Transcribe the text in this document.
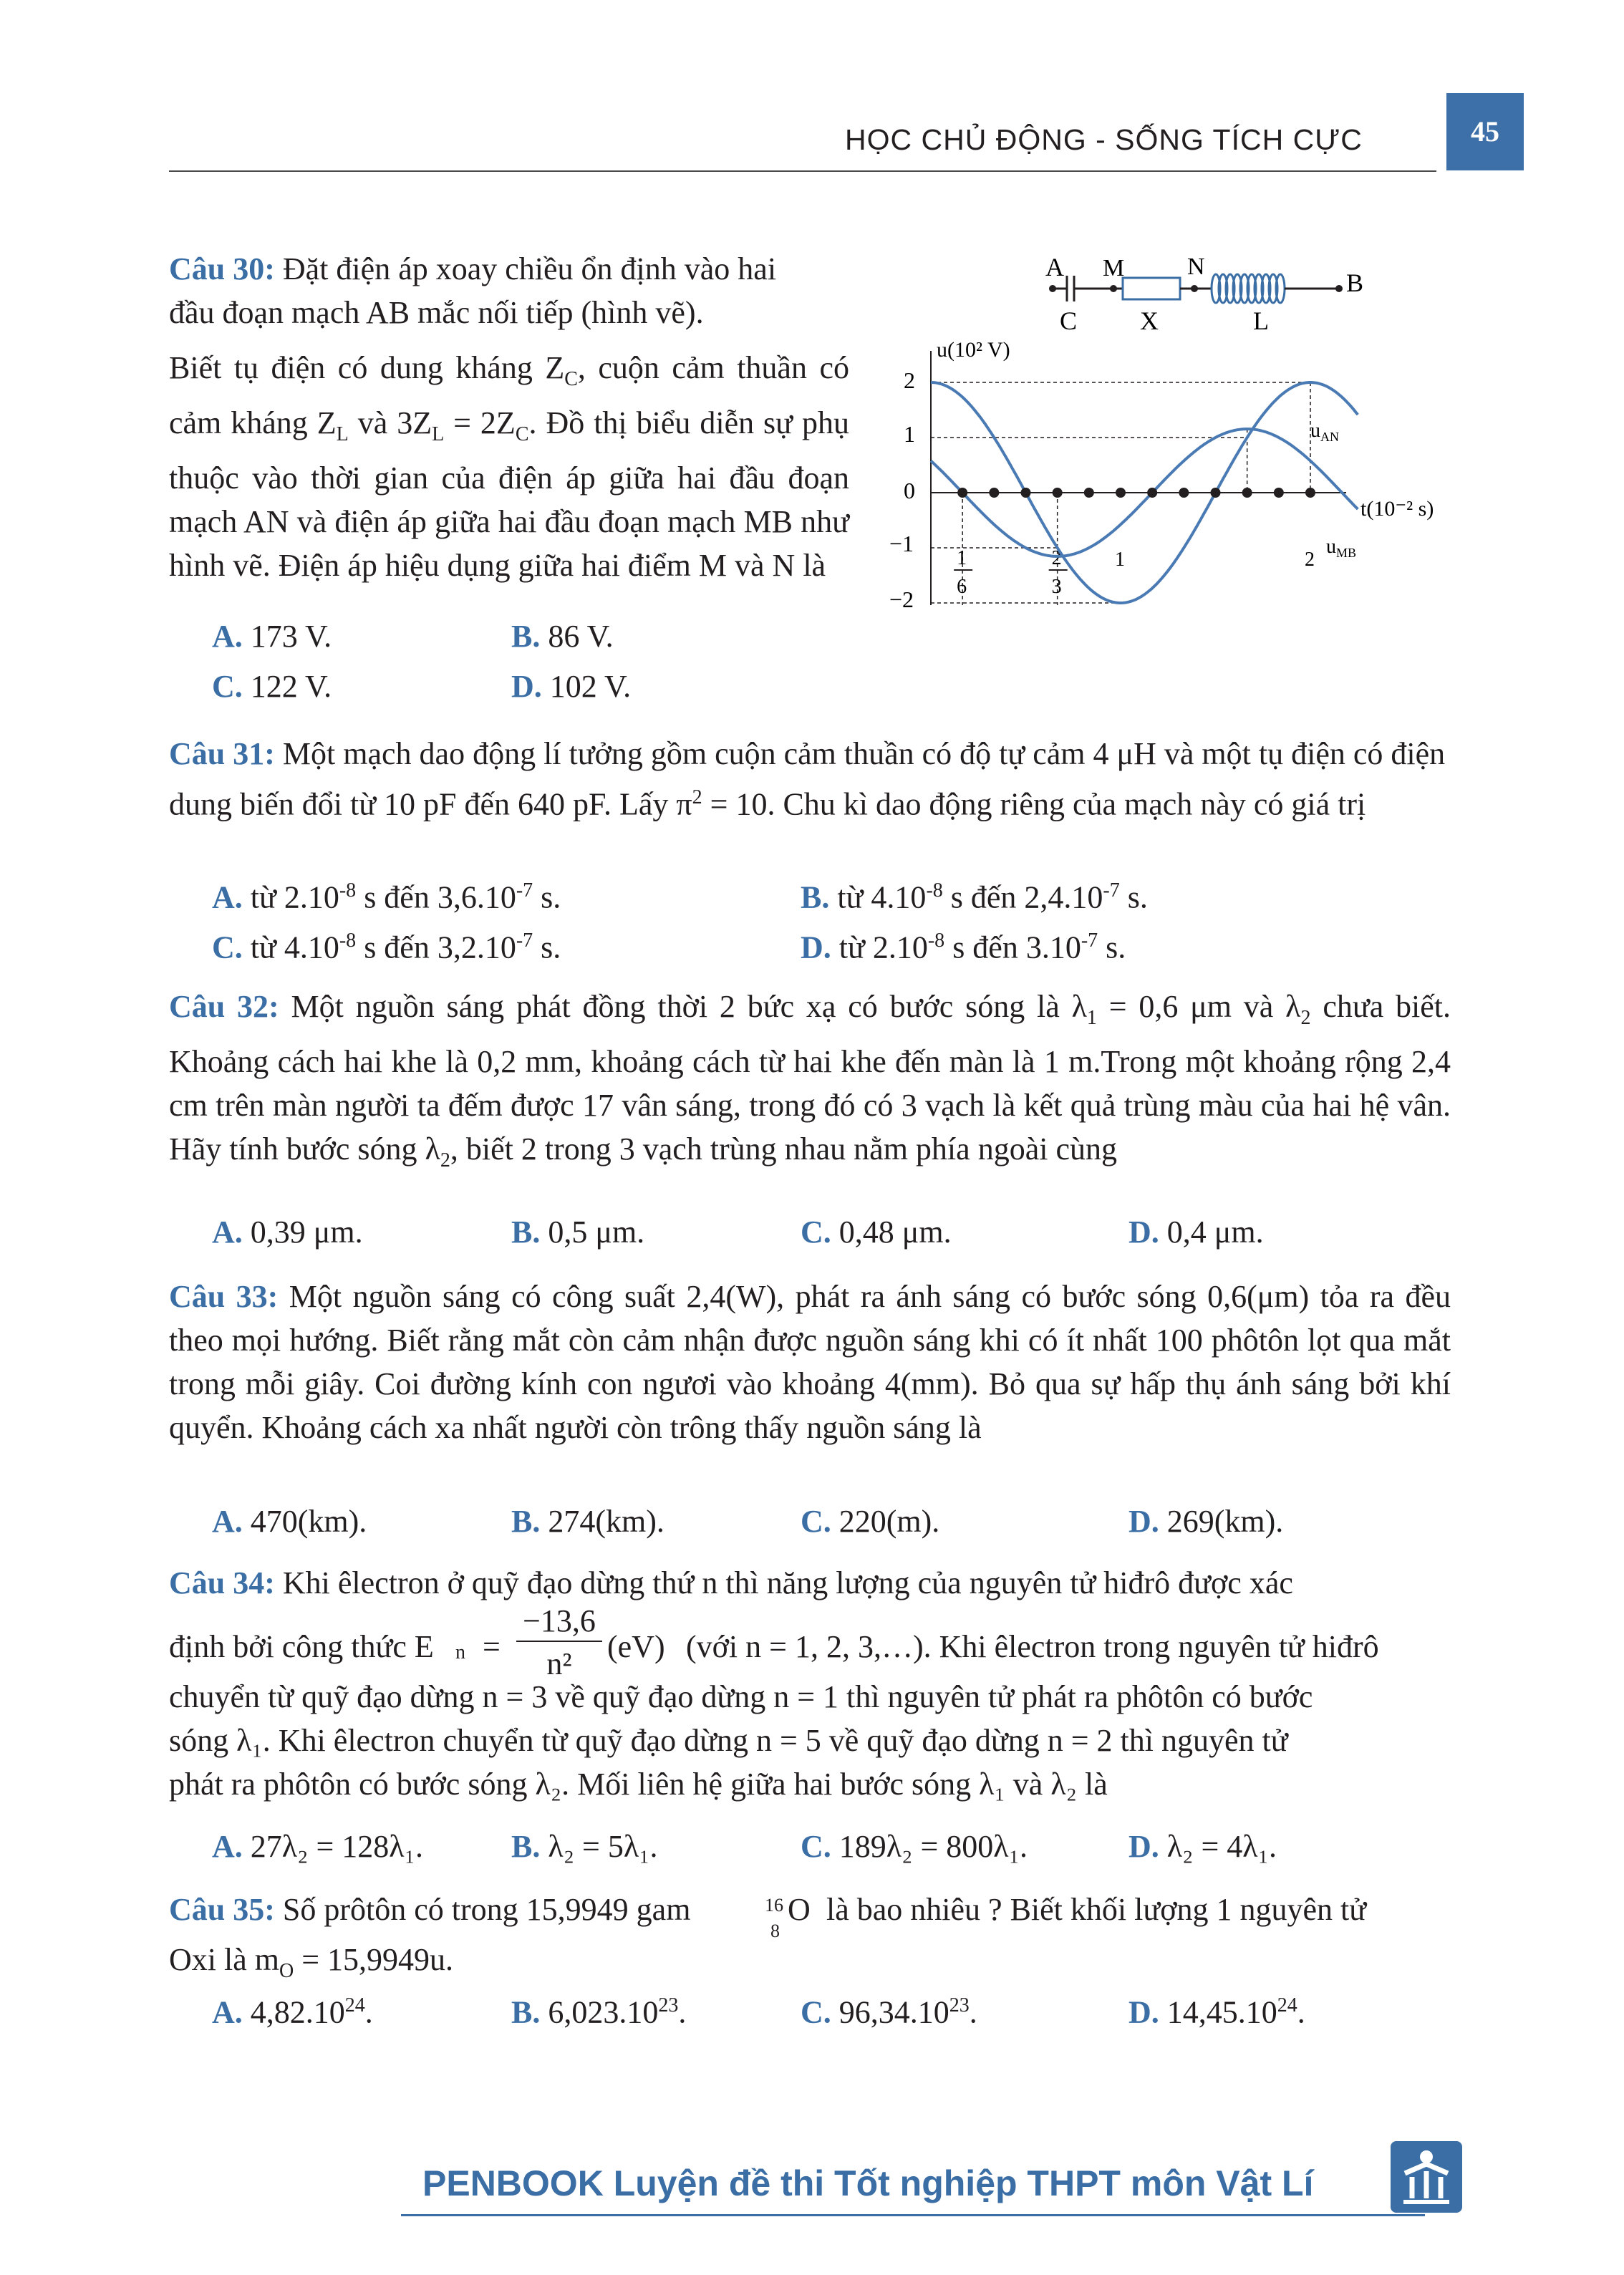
HỌC CHỦ ĐỘNG - SỐNG TÍCH CỰC	45
Câu 30: Đặt điện áp xoay chiều ổn định vào hai
đầu đoạn mạch AB mắc nối tiếp (hình vẽ).
Biết tụ điện có dung kháng $Z_C$, cuộn cảm thuần có cảm kháng $Z_L$ và $3Z_L = 2Z_C$. Đồ thị biểu diễn sự phụ thuộc vào thời gian của điện áp giữa hai đầu đoạn mạch AN và điện áp giữa hai đầu đoạn mạch MB như hình vẽ. Điện áp hiệu dụng giữa hai điểm M và N là
A. 173 V.	B. 86 V.
C. 122 V.	D. 102 V.
A M	N
B
C X	L
2
1
0
−1
−2
u(10² V)
t(10⁻² s)
1
6
2
3
1	2
$u_{AN}$
$u_{MB}$
Câu 31: Một mạch dao động lí tưởng gồm cuộn cảm thuần có độ tự cảm 4 μH và một tụ điện có điện dung biến đổi từ 10 pF đến 640 pF. Lấy $\pi^2 = 10$. Chu kì dao động riêng của mạch này có giá trị
A. từ $2.10^{-8}$ s đến $3,6.10^{-7}$ s.	B. từ $4.10^{-8}$ s đến $2,4.10^{-7}$ s.
C. từ $4.10^{-8}$ s đến $3,2.10^{-7}$ s.	D. từ $2.10^{-8}$ s đến $3.10^{-7}$ s.
Câu 32: Một nguồn sáng phát đồng thời 2 bức xạ có bước sóng là $\lambda_1 = 0,6$ μm và $\lambda_2$ chưa biết. Khoảng cách hai khe là 0,2 mm, khoảng cách từ hai khe đến màn là 1 m.Trong một khoảng rộng 2,4 cm trên màn người ta đếm được 17 vân sáng, trong đó có 3 vạch là kết quả trùng màu của hai hệ vân. Hãy tính bước sóng $\lambda_2$, biết 2 trong 3 vạch trùng nhau nằm phía ngoài cùng
A. 0,39 μm.	B. 0,5 μm.	C. 0,48 μm.	D. 0,4 μm.
Câu 33: Một nguồn sáng có công suất 2,4(W), phát ra ánh sáng có bước sóng 0,6(μm) tỏa ra đều theo mọi hướng. Biết rằng mắt còn cảm nhận được nguồn sáng khi có ít nhất 100 phôtôn lọt qua mắt trong mỗi giây. Coi đường kính con ngươi vào khoảng 4(mm). Bỏ qua sự hấp thụ ánh sáng bởi khí quyển. Khoảng cách xa nhất người còn trông thấy nguồn sáng là
A. 470(km).	B. 274(km).	C. 220(m).	D. 269(km).
Câu 34: Khi êlectron ở quỹ đạo dừng thứ n thì năng lượng của nguyên tử hiđrô được xác
định bởi công thức E n =
−13,6
n²	(eV) (với n = 1, 2, 3,…). Khi êlectron trong nguyên tử hiđrô
chuyển từ quỹ đạo dừng n = 3 về quỹ đạo dừng n = 1 thì nguyên tử phát ra phôtôn có bước
sóng λ₁. Khi êlectron chuyển từ quỹ đạo dừng n = 5 về quỹ đạo dừng n = 2 thì nguyên tử
phát ra phôtôn có bước sóng λ₂. Mối liên hệ giữa hai bước sóng λ₁ và λ₂ là
A. 27λ₂ = 128λ₁.	B. λ₂ = 5λ₁.	C. 189λ₂ = 800λ₁.	D. λ₂ = 4λ₁.
Câu 35: Số prôtôn có trong 15,9949 gam	16
8
O là bao nhiêu ? Biết khối lượng 1 nguyên tử
Oxi là $m_O = 15,9949u$.
A. 4,82.10$^{24}$.	B. 6,023.10$^{23}$.	C. 96,34.10$^{23}$.	D. 14,45.10$^{24}$.
PENBOOK Luyện đề thi Tốt nghiệp THPT môn Vật Lí
